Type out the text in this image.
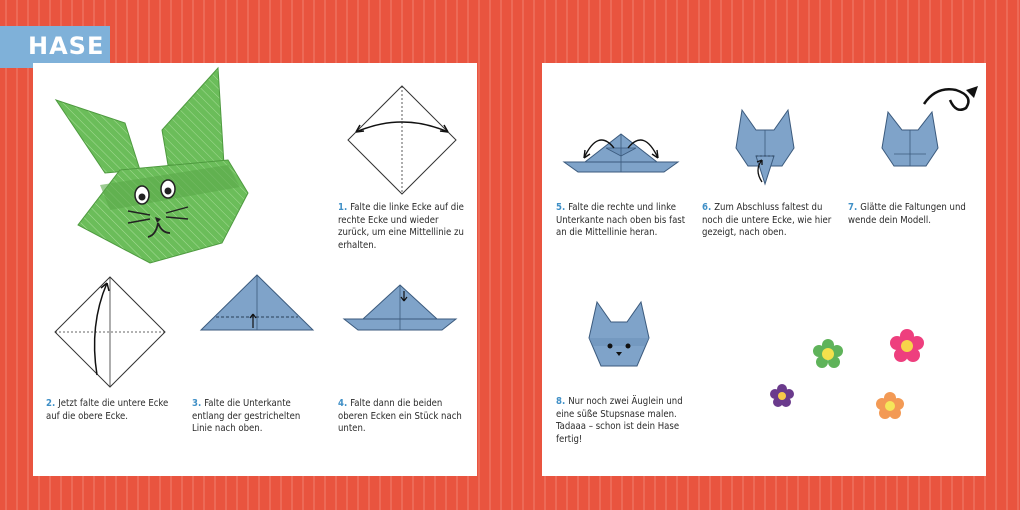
HASE
1. Falte die linke Ecke auf die rechte Ecke und wieder zurück, um eine Mittellinie zu erhalten.
2. Jetzt falte die untere Ecke auf die obere Ecke.
3. Falte die Unterkante entlang der gestrichelten Linie nach oben.
4. Falte dann die beiden oberen Ecken ein Stück nach unten.
5. Falte die rechte und linke Unterkante nach oben bis fast an die Mittellinie heran.
6. Zum Abschluss faltest du noch die untere Ecke, wie hier gezeigt, nach oben.
7. Glätte die Faltungen und wende dein Modell.
8. Nur noch zwei Äuglein und eine süße Stupsnase malen. Tadaaa – schon ist dein Hase fertig!
